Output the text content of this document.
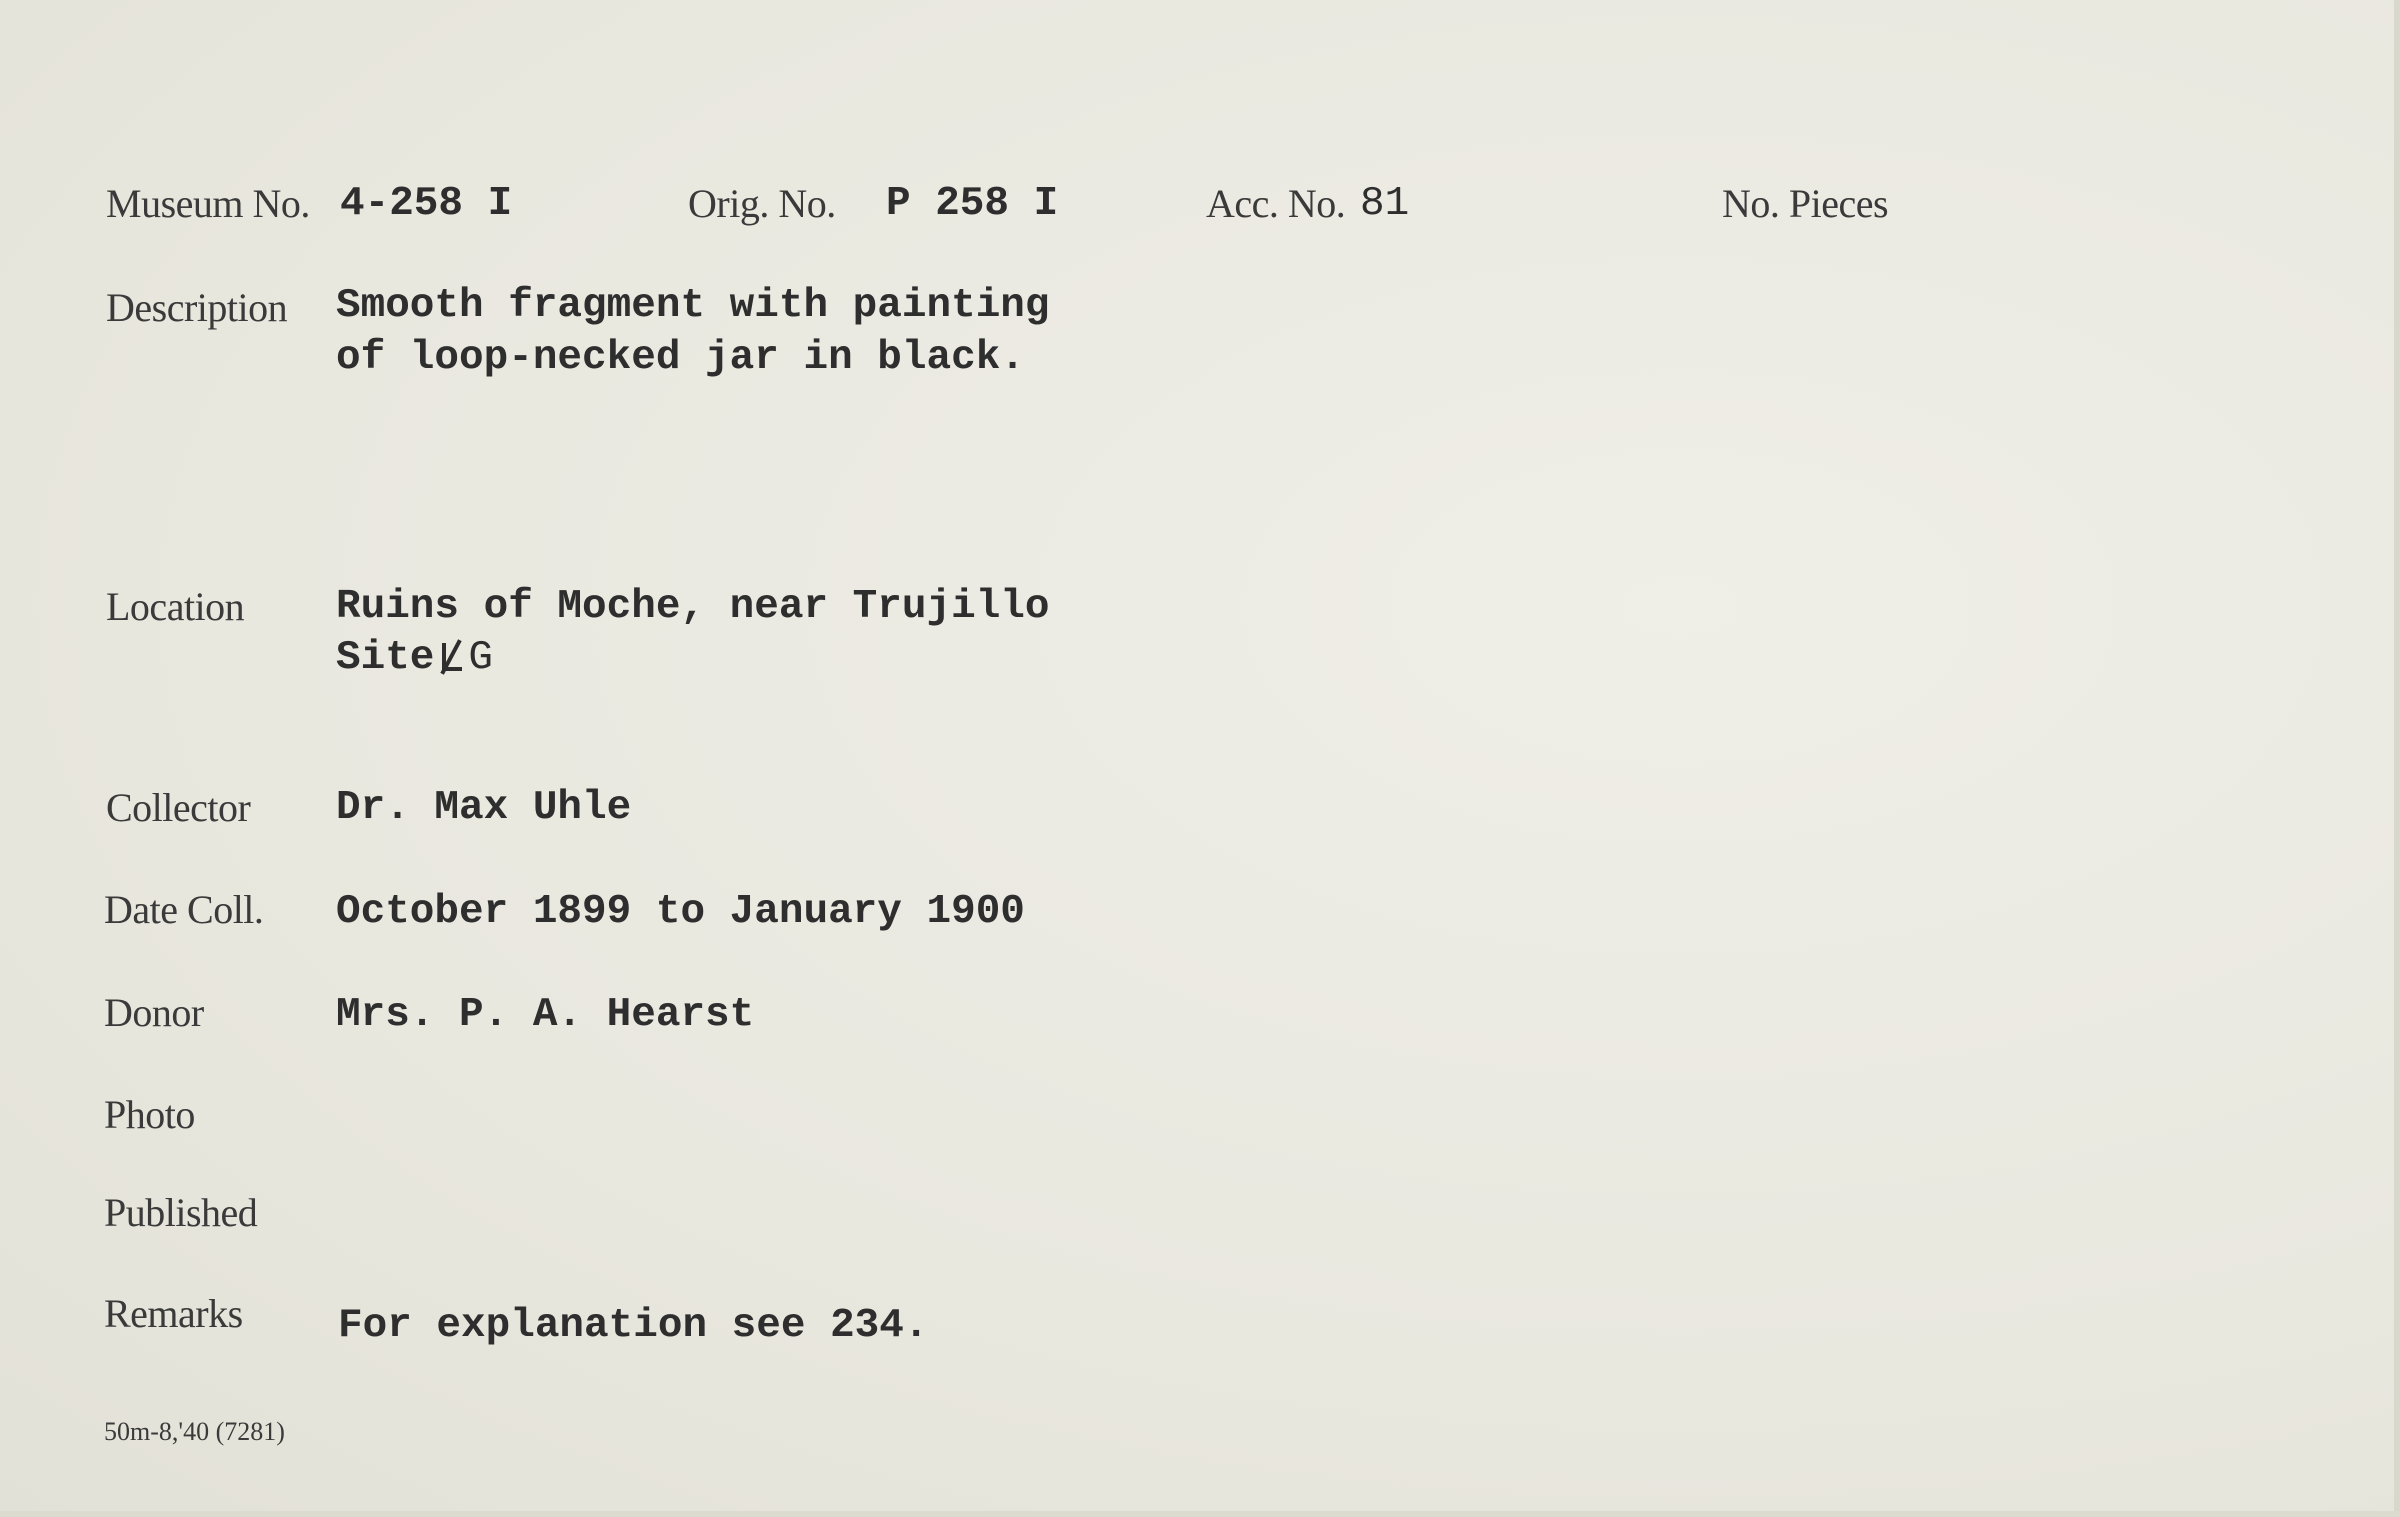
Museum No. 4-258 I	Orig. No. P 258 I	Acc. No. 81	No. Pieces
Description Smooth fragment with painting
of loop-necked jar in black.
Location Ruins of Moche, near Trujillo
Site G
Collector Dr. Max Uhle
Date Coll. October 1899 to January 1900
Donor	Mrs. P. A. Hearst
Photo
Published
Remarks For explanation see 234.
50m-8,'40 (7281)
